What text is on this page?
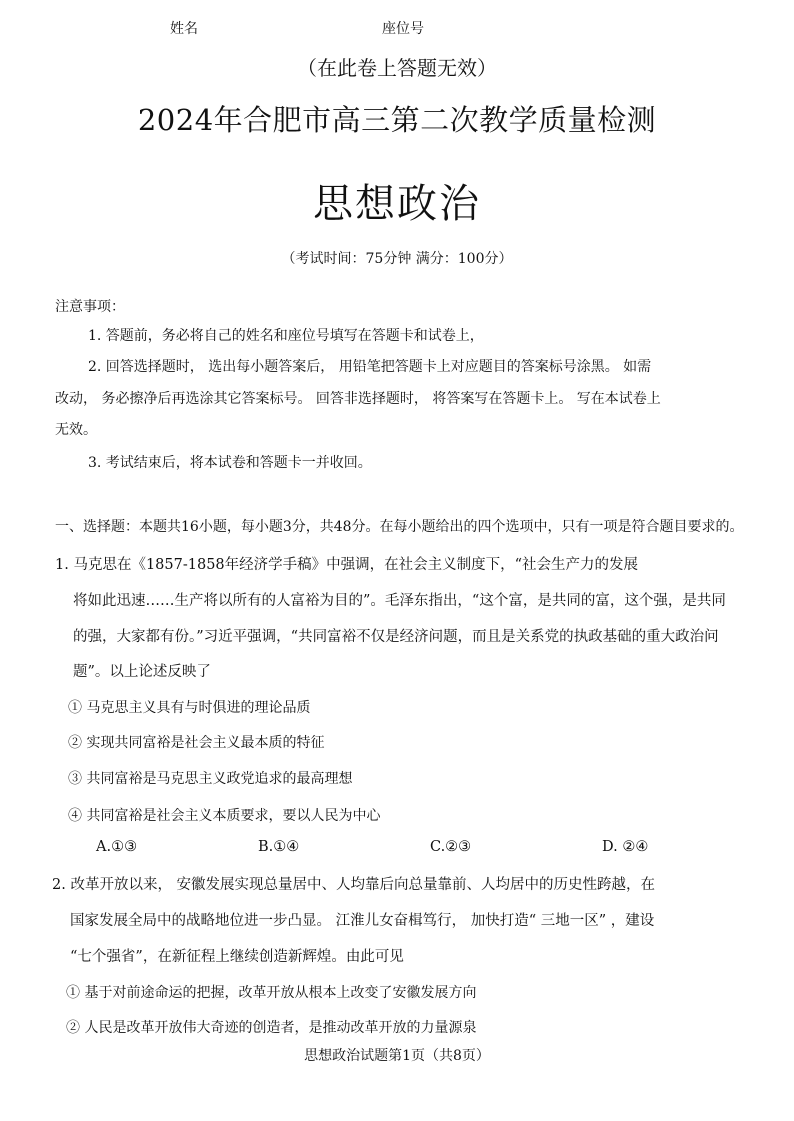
姓名	座位号
（在此卷上答题无效）
2024年合肥市高三第二次教学质量检测
思想政治
（考试时间：75分钟 满分：100分）
注意事项：
1. 答题前，务必将自己的姓名和座位号填写在答题卡和试卷上，
2. 回答选择题时， 选出每小题答案后， 用铅笔把答题卡上对应题目的答案标号涂黑。 如需
改动， 务必擦净后再选涂其它答案标号。 回答非选择题时， 将答案写在答题卡上。 写在本试卷上
无效。
3. 考试结束后，将本试卷和答题卡一并收回。
一、选择题：本题共16小题，每小题3分，共48分。在每小题给出的四个选项中，只有一项是符合题目要求的。
1. 马克思在《1857-1858年经济学手稿》中强调，在社会主义制度下，“社会生产力的发展
将如此迅速……生产将以所有的人富裕为目的”。毛泽东指出，“这个富，是共同的富，这个强，是共同
的强，大家都有份。”习近平强调，“共同富裕不仅是经济问题，而且是关系党的执政基础的重大政治问
题”。以上论述反映了
① 马克思主义具有与时俱进的理论品质
② 实现共同富裕是社会主义最本质的特征
③ 共同富裕是马克思主义政党追求的最高理想
④ 共同富裕是社会主义本质要求，要以人民为中心
A.①③	B.①④	C.②③	D. ②④
2. 改革开放以来， 安徽发展实现总量居中、人均靠后向总量靠前、人均居中的历史性跨越，在
国家发展全局中的战略地位进一步凸显。 江淮儿女奋楫笃行， 加快打造“ 三地一区” ，建设
“七个强省”，在新征程上继续创造新辉煌。由此可见
① 基于对前途命运的把握，改革开放从根本上改变了安徽发展方向
② 人民是改革开放伟大奇迹的创造者，是推动改革开放的力量源泉
思想政治试题第1页（共8页）
